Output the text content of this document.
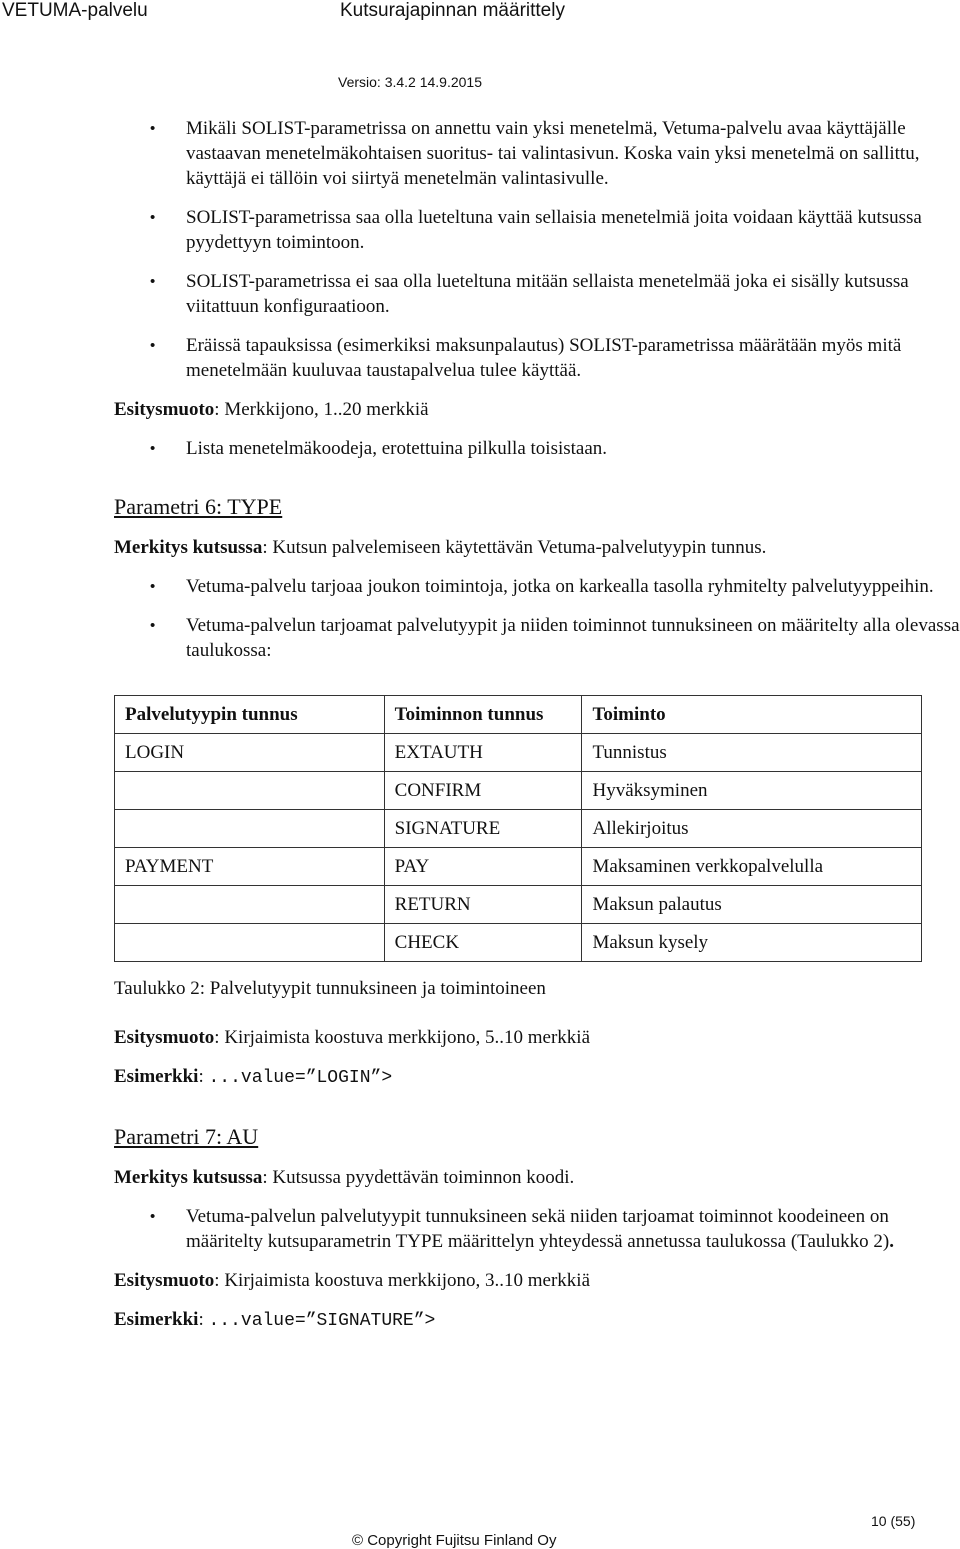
VETUMA-palvelu	Kutsurajapinnan määrittely
Versio: 3.4.2 14.9.2015
• Mikäli SOLIST-parametrissa on annettu vain yksi menetelmä, Vetuma-palvelu avaa käyttäjälle vastaavan menetelmäkohtaisen suoritus- tai valintasivun. Koska vain yksi menetelmä on sallittu, käyttäjä ei tällöin voi siirtyä menetelmän valintasivulle.
• SOLIST-parametrissa saa olla lueteltuna vain sellaisia menetelmiä joita voidaan käyttää kutsussa pyydettyyn toimintoon.
• SOLIST-parametrissa ei saa olla lueteltuna mitään sellaista menetelmää joka ei sisälly kutsussa viitattuun konfiguraatioon.
• Eräissä tapauksissa (esimerkiksi maksunpalautus) SOLIST-parametrissa määrätään myös mitä menetelmään kuuluvaa taustapalvelua tulee käyttää.

Esitysmuoto: Merkkijono, 1..20 merkkiä

• Lista menetelmäkoodeja, erotettuina pilkulla toisistaan.
Parametri 6: TYPE

Merkitys kutsussa: Kutsun palvelemiseen käytettävän Vetuma-palvelutyypin tunnus.

• Vetuma-palvelu tarjoaa joukon toimintoja, jotka on karkealla tasolla ryhmitelty palvelutyyppeihin.
• Vetuma-palvelun tarjoamat palvelutyypit ja niiden toiminnot tunnuksineen on määritelty alla olevassa taulukossa:
Palvelutyypin tunnus	Toiminnon tunnus	Toiminto
LOGIN	EXTAUTH	Tunnistus
	CONFIRM	Hyväksyminen
	SIGNATURE	Allekirjoitus
PAYMENT	PAY	Maksaminen verkkopalvelulla
	RETURN	Maksun palautus
	CHECK	Maksun kysely
Taulukko 2: Palvelutyypit tunnuksineen ja toimintoineen

Esitysmuoto: Kirjaimista koostuva merkkijono, 5..10 merkkiä

Esimerkki: ...value=”LOGIN”>

Parametri 7: AU

Merkitys kutsussa: Kutsussa pyydettävän toiminnon koodi.

• Vetuma-palvelun palvelutyypit tunnuksineen sekä niiden tarjoamat toiminnot koodeineen on määritelty kutsuparametrin TYPE määrittelyn yhteydessä annetussa taulukossa (Taulukko 2).

Esitysmuoto: Kirjaimista koostuva merkkijono, 3..10 merkkiä

Esimerkki: ...value=”SIGNATURE”>

10 (55)
© Copyright Fujitsu Finland Oy
